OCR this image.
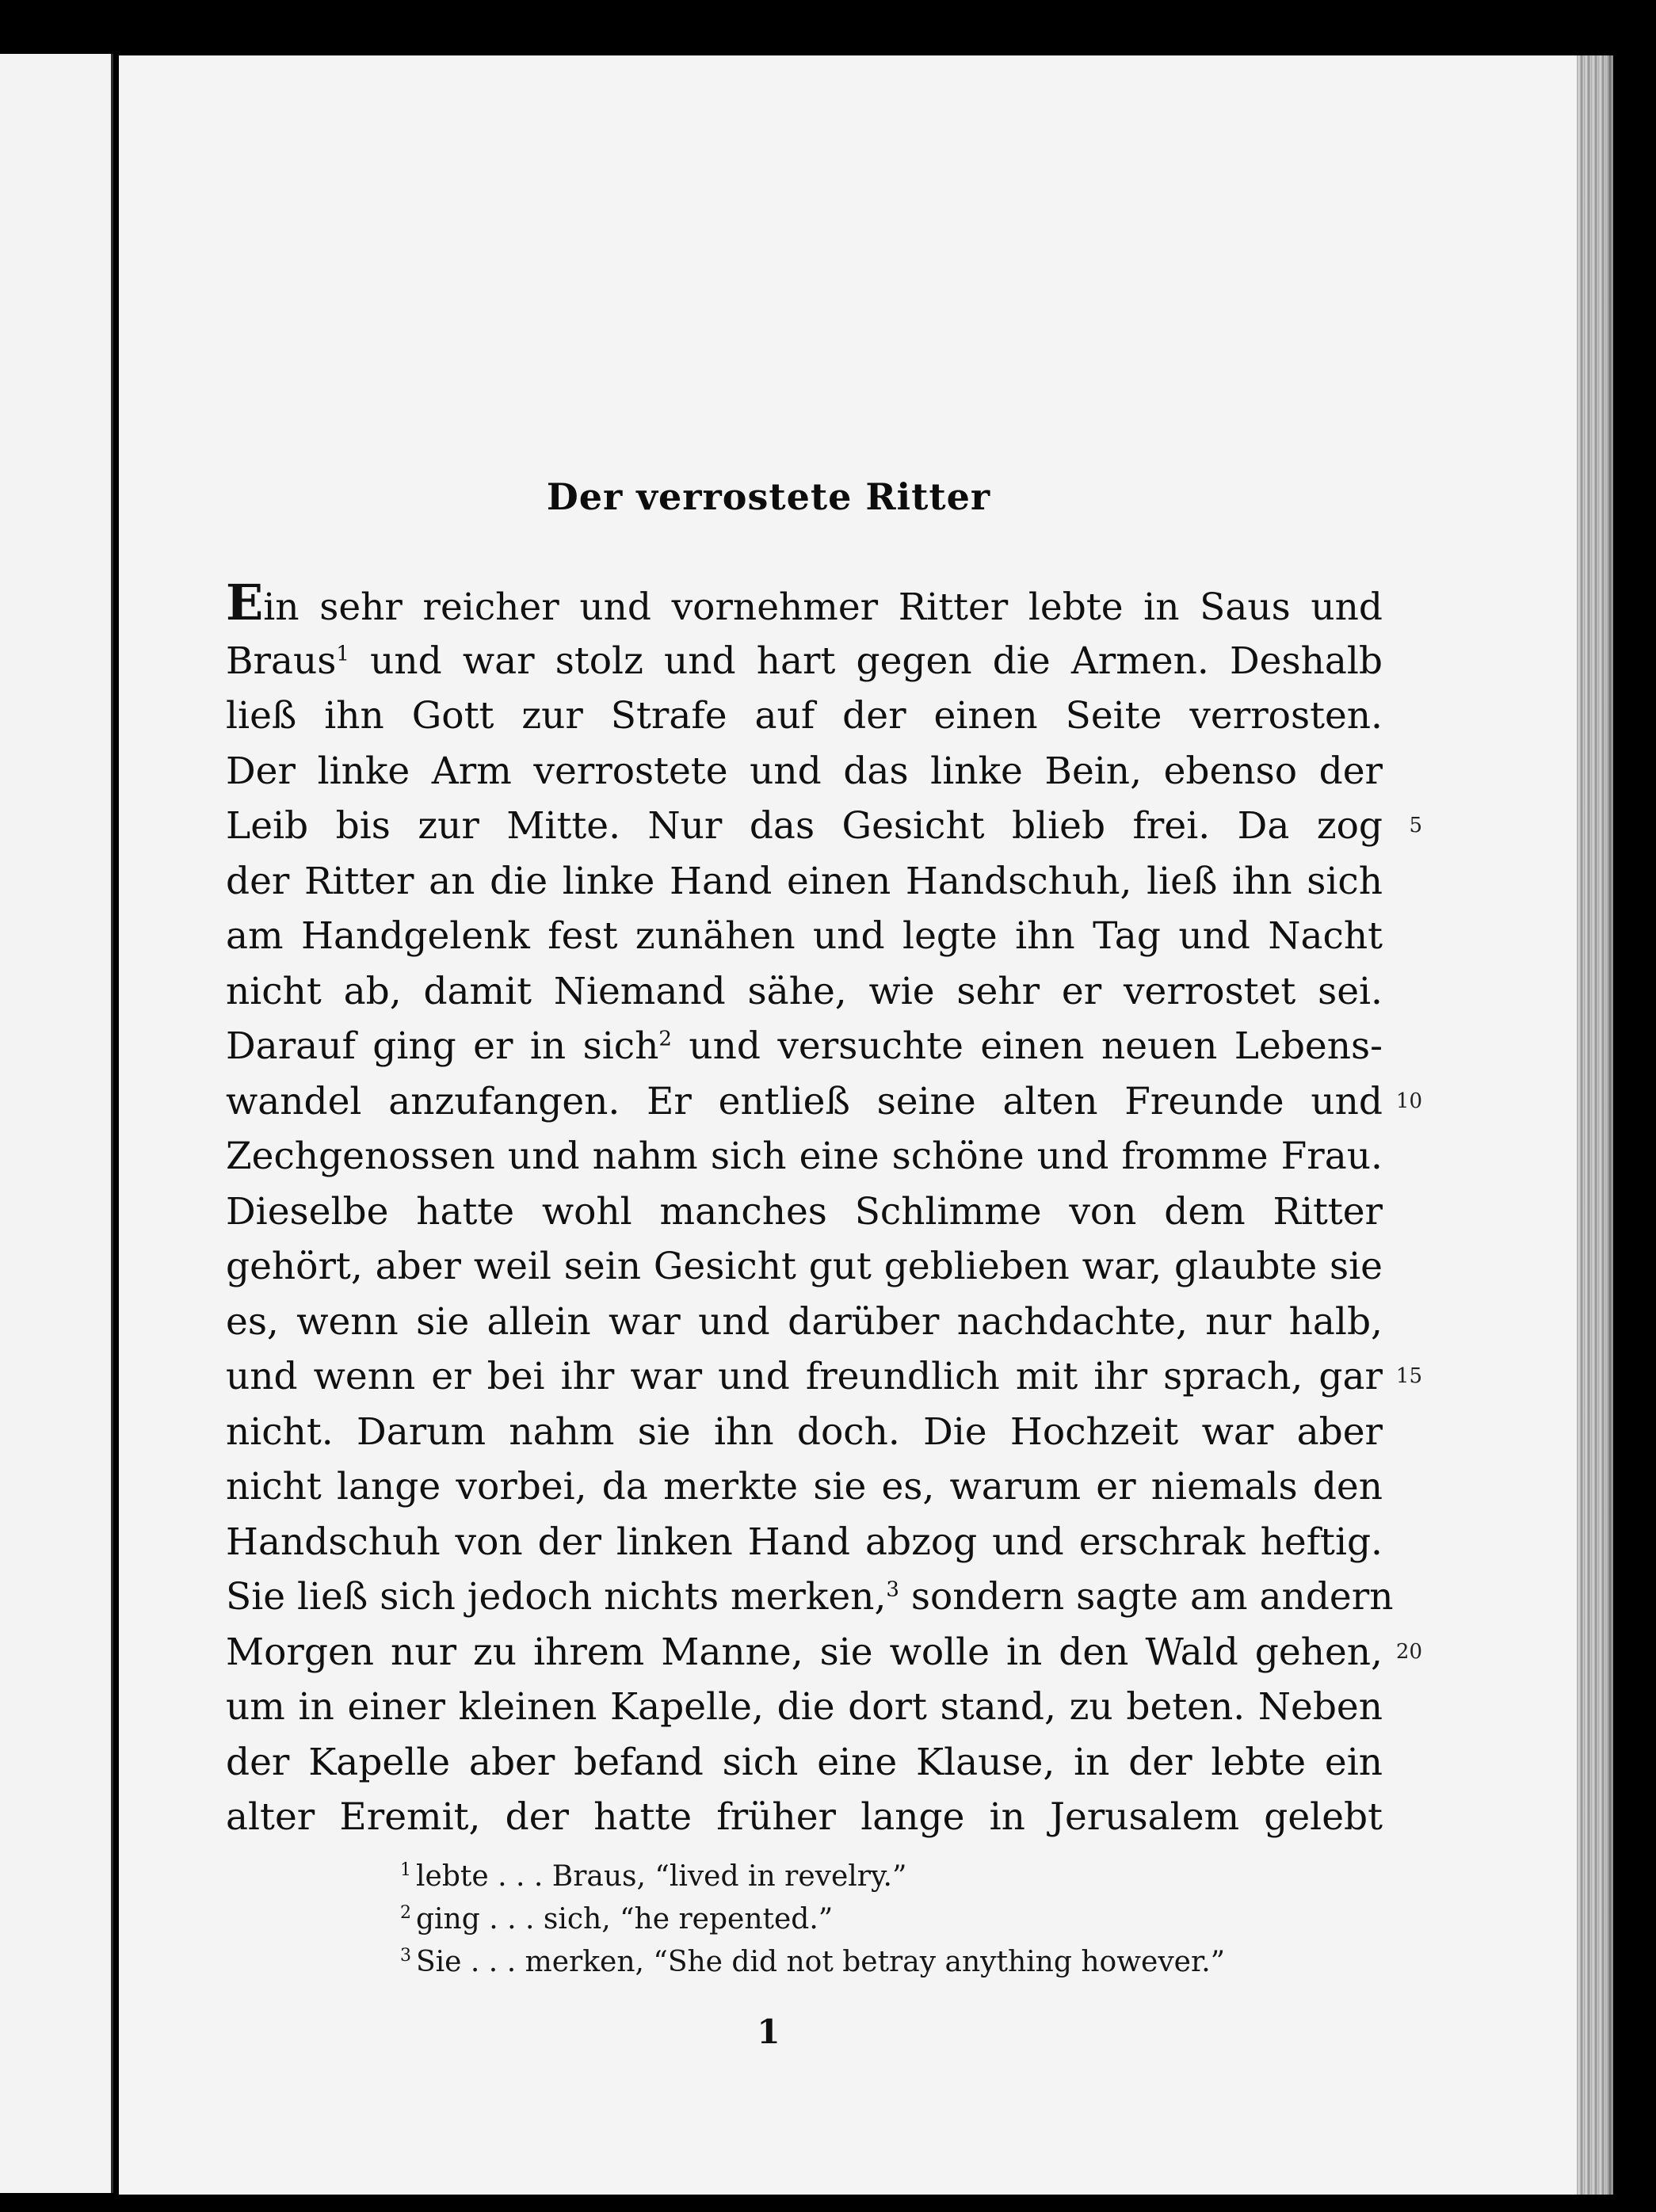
Der verrostete Ritter
Ein sehr reicher und vornehmer Ritter lebte in Saus und
Braus$^1$ und war stolz und hart gegen die Armen. Deshalb
ließ ihn Gott zur Strafe auf der einen Seite verrosten.
Der linke Arm verrostete und das linke Bein, ebenso der
Leib bis zur Mitte. Nur das Gesicht blieb frei. Da zog 5
der Ritter an die linke Hand einen Handschuh, ließ ihn sich
am Handgelenk fest zunähen und legte ihn Tag und Nacht
nicht ab, damit Niemand sähe, wie sehr er verrostet sei.
Darauf ging er in sich$^2$ und versuchte einen neuen Lebens-
wandel anzufangen. Er entließ seine alten Freunde und 10
Zechgenossen und nahm sich eine schöne und fromme Frau.
Dieselbe hatte wohl manches Schlimme von dem Ritter
gehört, aber weil sein Gesicht gut geblieben war, glaubte sie
es, wenn sie allein war und darüber nachdachte, nur halb,
und wenn er bei ihr war und freundlich mit ihr sprach, gar 15
nicht. Darum nahm sie ihn doch. Die Hochzeit war aber
nicht lange vorbei, da merkte sie es, warum er niemals den
Handschuh von der linken Hand abzog und erschrak heftig.
Sie ließ sich jedoch nichts merken,$^3$ sondern sagte am andern
Morgen nur zu ihrem Manne, sie wolle in den Wald gehen, 20
um in einer kleinen Kapelle, die dort stand, zu beten. Neben
der Kapelle aber befand sich eine Klause, in der lebte ein
alter Eremit, der hatte früher lange in Jerusalem gelebt
$^1$ lebte . . . Braus, “lived in revelry.”
$^2$ ging . . . sich, “he repented.”
$^3$ Sie . . . merken, “She did not betray anything however.”
1
